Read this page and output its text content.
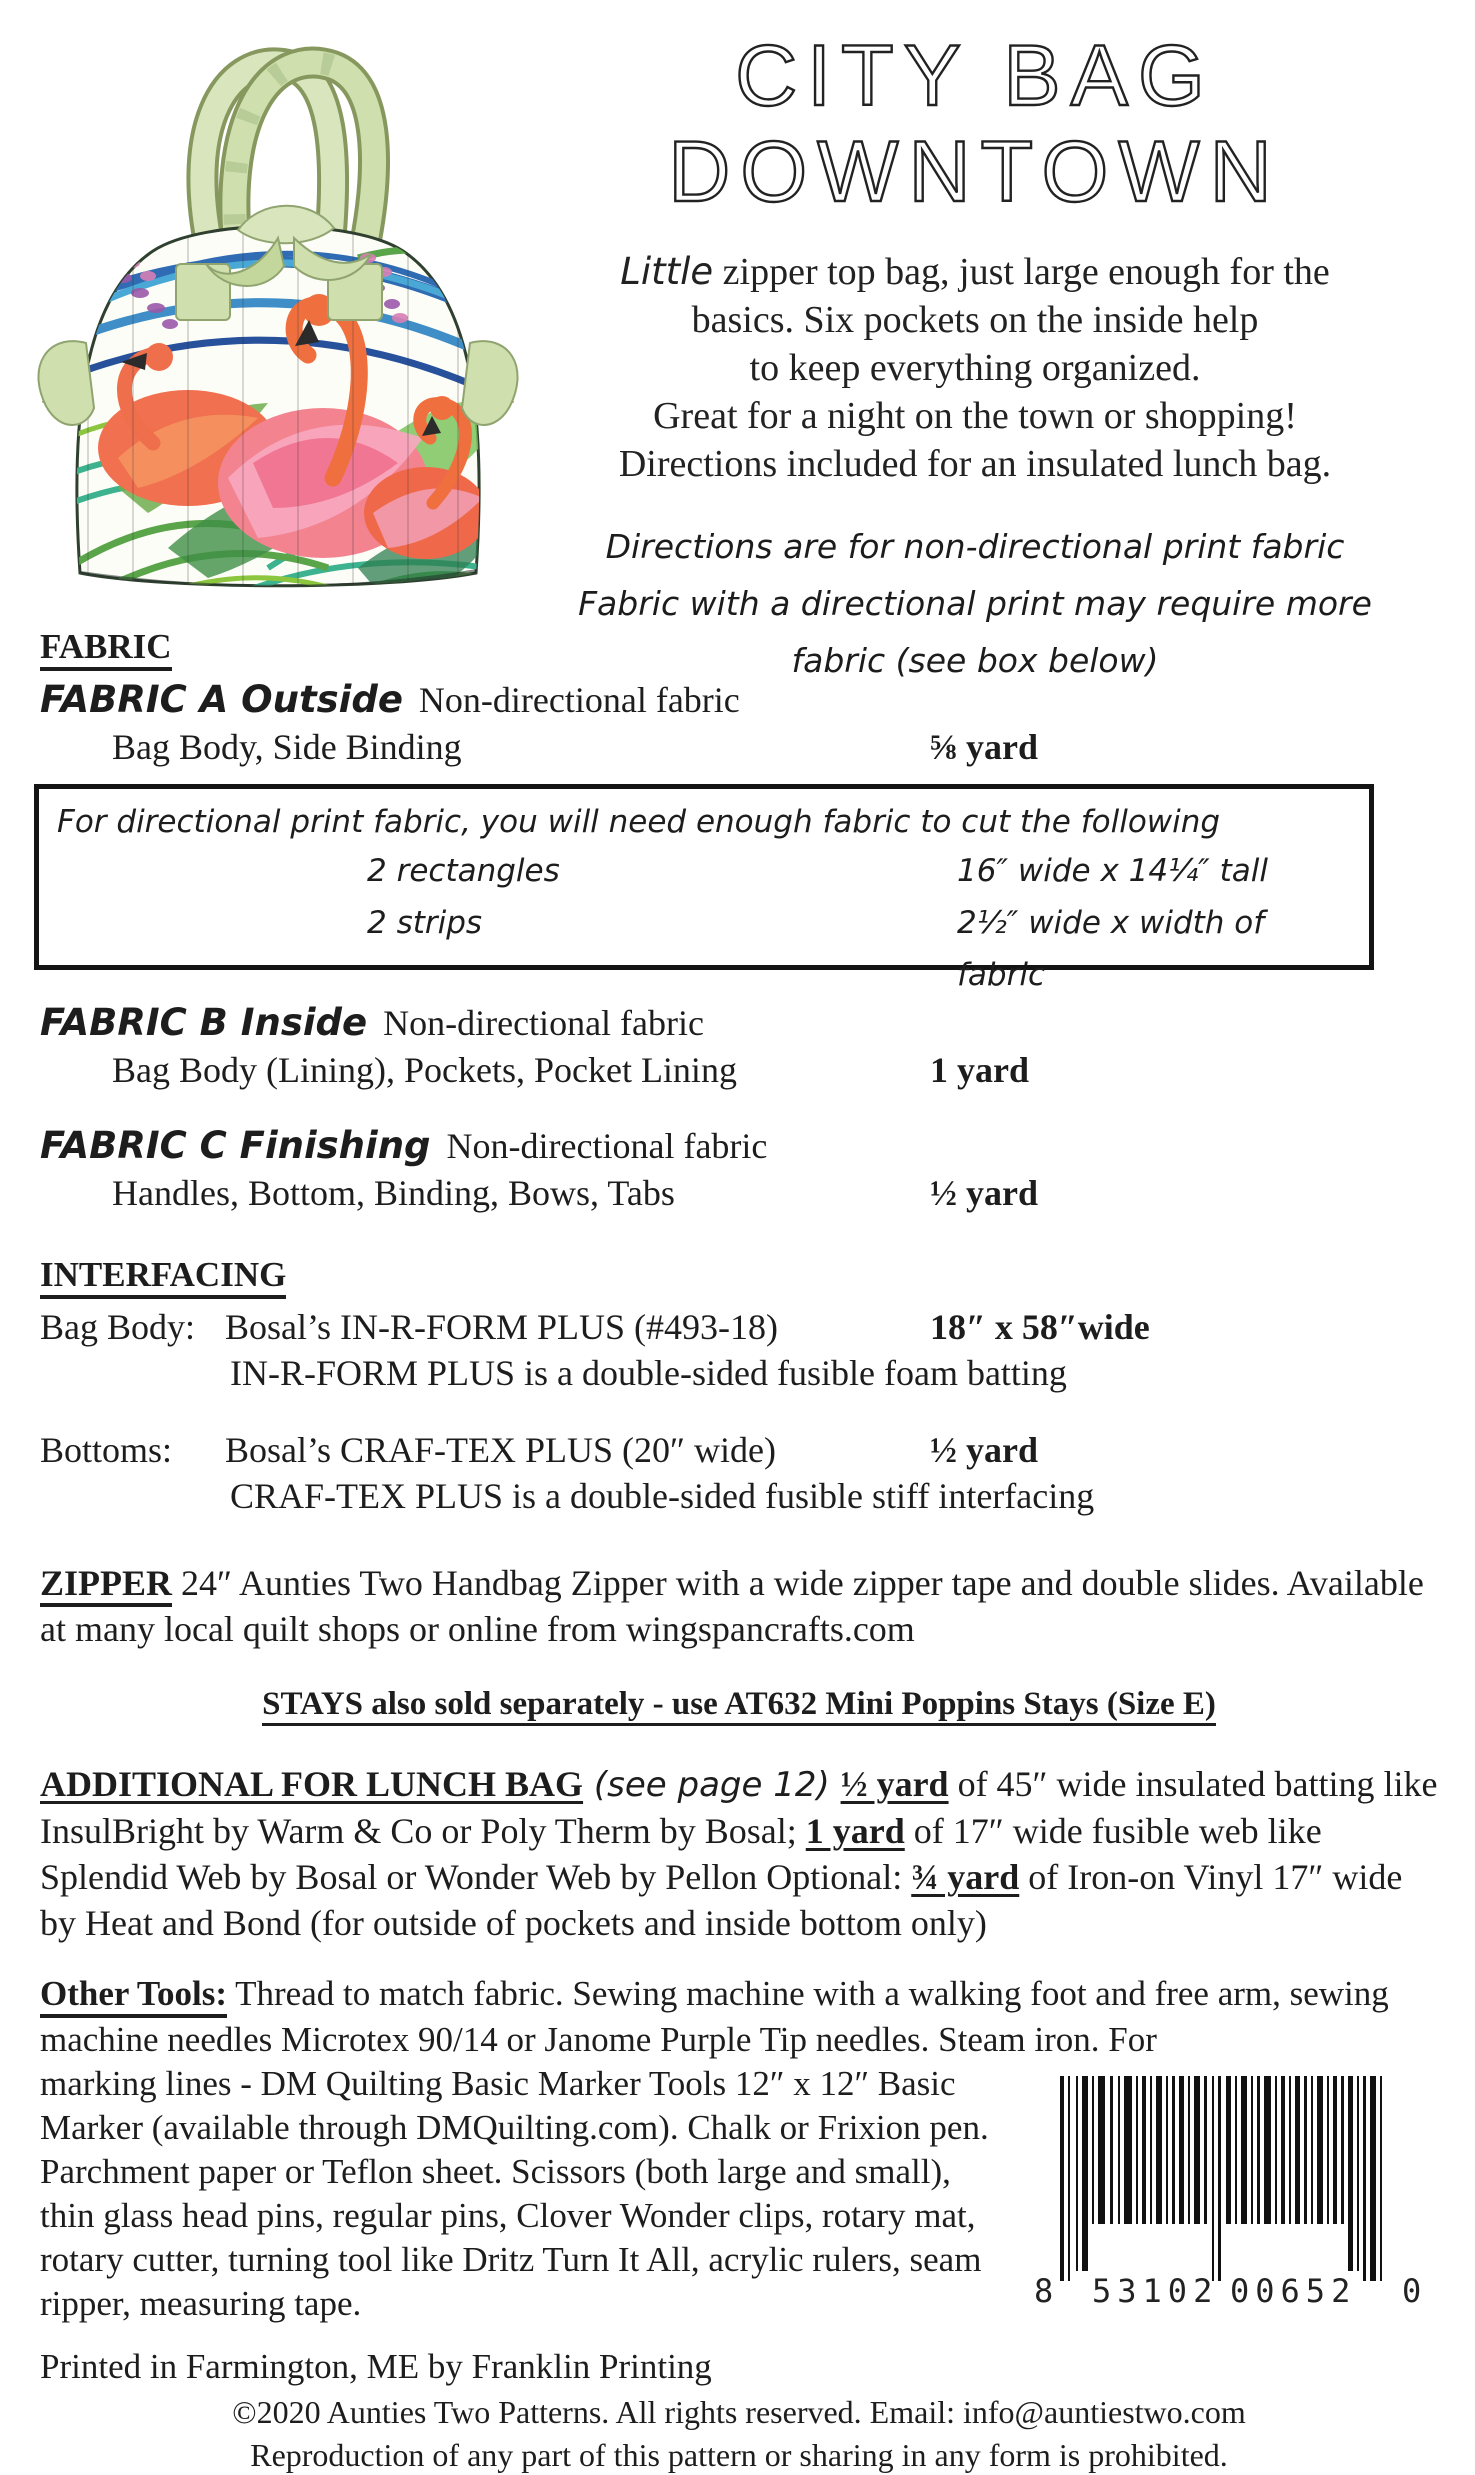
CITY BAG
DOWNTOWN
Little zipper top bag, just large enough for the
basics. Six pockets on the inside help
to keep everything organized.
Great for a night on the town or shopping!
Directions included for an insulated lunch bag.
Directions are for non-directional print fabric
Fabric with a directional print may require more
fabric (see box below)
FABRIC
FABRIC A Outside Non-directional fabric
Bag Body, Side Binding	⅝ yard
For directional print fabric, you will need enough fabric to cut the following
2 rectangles	16″ wide x 14¼″ tall
2 strips	2½″ wide x width of fabric
FABRIC B Inside Non-directional fabric
Bag Body (Lining), Pockets, Pocket Lining	1 yard
FABRIC C Finishing Non-directional fabric
Handles, Bottom, Binding, Bows, Tabs	½ yard
INTERFACING
Bag Body: Bosal’s IN-R-FORM PLUS (#493-18)	18″ x 58″wide
IN-R-FORM PLUS is a double-sided fusible foam batting
Bottoms: Bosal’s CRAF-TEX PLUS (20″ wide)	½ yard
CRAF-TEX PLUS is a double-sided fusible stiff interfacing
ZIPPER 24″ Aunties Two Handbag Zipper with a wide zipper tape and double slides. Available at many local quilt shops or online from wingspancrafts.com
STAYS also sold separately - use AT632 Mini Poppins Stays (Size E)
ADDITIONAL FOR LUNCH BAG (see page 12) ½ yard of 45″ wide insulated batting like InsulBright by Warm & Co or Poly Therm by Bosal; 1 yard of 17″ wide fusible web like Splendid Web by Bosal or Wonder Web by Pellon Optional: ¾ yard of Iron-on Vinyl 17″ wide by Heat and Bond (for outside of pockets and inside bottom only)
Other Tools: Thread to match fabric. Sewing machine with a walking foot and free arm, sewing machine needles Microtex 90/14 or Janome Purple Tip needles. Steam iron. For
8 53102 00652 0
marking lines - DM Quilting Basic Marker Tools 12″ x 12″ Basic Marker (available through DMQuilting.com). Chalk or Frixion pen. Parchment paper or Teflon sheet. Scissors (both large and small), thin glass head pins, regular pins, Clover Wonder clips, rotary mat, rotary cutter, turning tool like Dritz Turn It All, acrylic rulers, seam ripper, measuring tape.
Printed in Farmington, ME by Franklin Printing
©2020 Aunties Two Patterns. All rights reserved. Email: info@auntiestwo.com
Reproduction of any part of this pattern or sharing in any form is prohibited.
